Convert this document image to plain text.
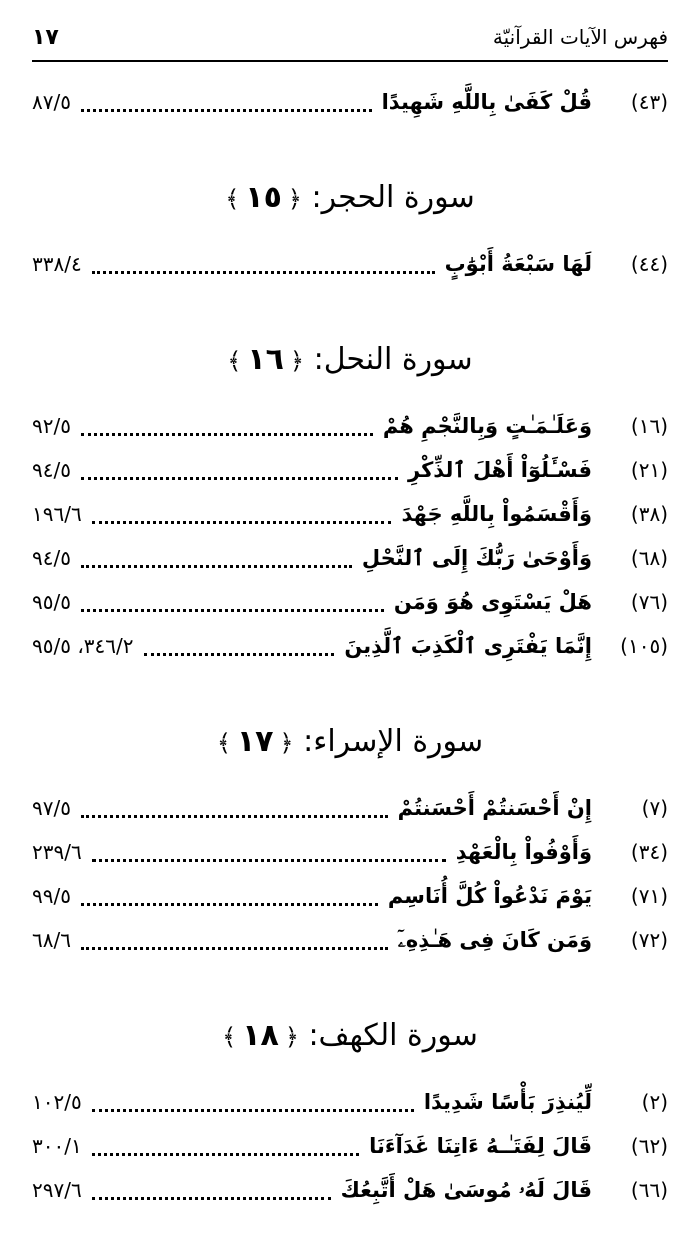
فهرس الآيات القرآنيّة
١٧
(٤٣)
قُلْ كَفَىٰ بِاللَّهِ شَهِيدًا
٨٧/٥
سورة الحجر: ﴿١٥﴾
(٤٤)
لَهَا سَبْعَةُ أَبْوَٰبٍ
٣٣٨/٤
سورة النحل: ﴿١٦﴾
(١٦)
وَعَلَـٰمَـٰتٍ وَبِالنَّجْمِ هُمْ
٩٢/٥
(٢١)
فَسْـَٔلُوٓاْ أَهْلَ ٱلذِّكْرِ
٩٤/٥
(٣٨)
وَأَقْسَمُواْ بِاللَّهِ جَهْدَ
١٩٦/٦
(٦٨)
وَأَوْحَىٰ رَبُّكَ إِلَى ٱلنَّحْلِ
٩٤/٥
(٧٦)
هَلْ يَسْتَوِى هُوَ وَمَن
٩٥/٥
(١٠٥)
إِنَّمَا يَفْتَرِى ٱلْكَذِبَ ٱلَّذِينَ
٣٤٦/٢، ٩٥/٥
سورة الإسراء: ﴿١٧﴾
(٧)
إِنْ أَحْسَنتُمْ أَحْسَنتُمْ
٩٧/٥
(٣٤)
وَأَوْفُواْ بِالْعَهْدِ
٢٣٩/٦
(٧١)
يَوْمَ نَدْعُواْ كُلَّ أُنَاسِم
٩٩/٥
(٧٢)
وَمَن كَانَ فِى هَـٰذِهِۦٓ
٦٨/٦
سورة الكهف: ﴿١٨﴾
(٢)
لِّيُنذِرَ بَأْسًا شَدِيدًا
١٠٢/٥
(٦٢)
قَالَ لِفَتَـٰـهُ ءَاتِنَا غَدَآءَنَا
٣٠٠/١
(٦٦)
قَالَ لَهُۥ مُوسَىٰ هَلْ أَتَّبِعُكَ
٢٩٧/٦
